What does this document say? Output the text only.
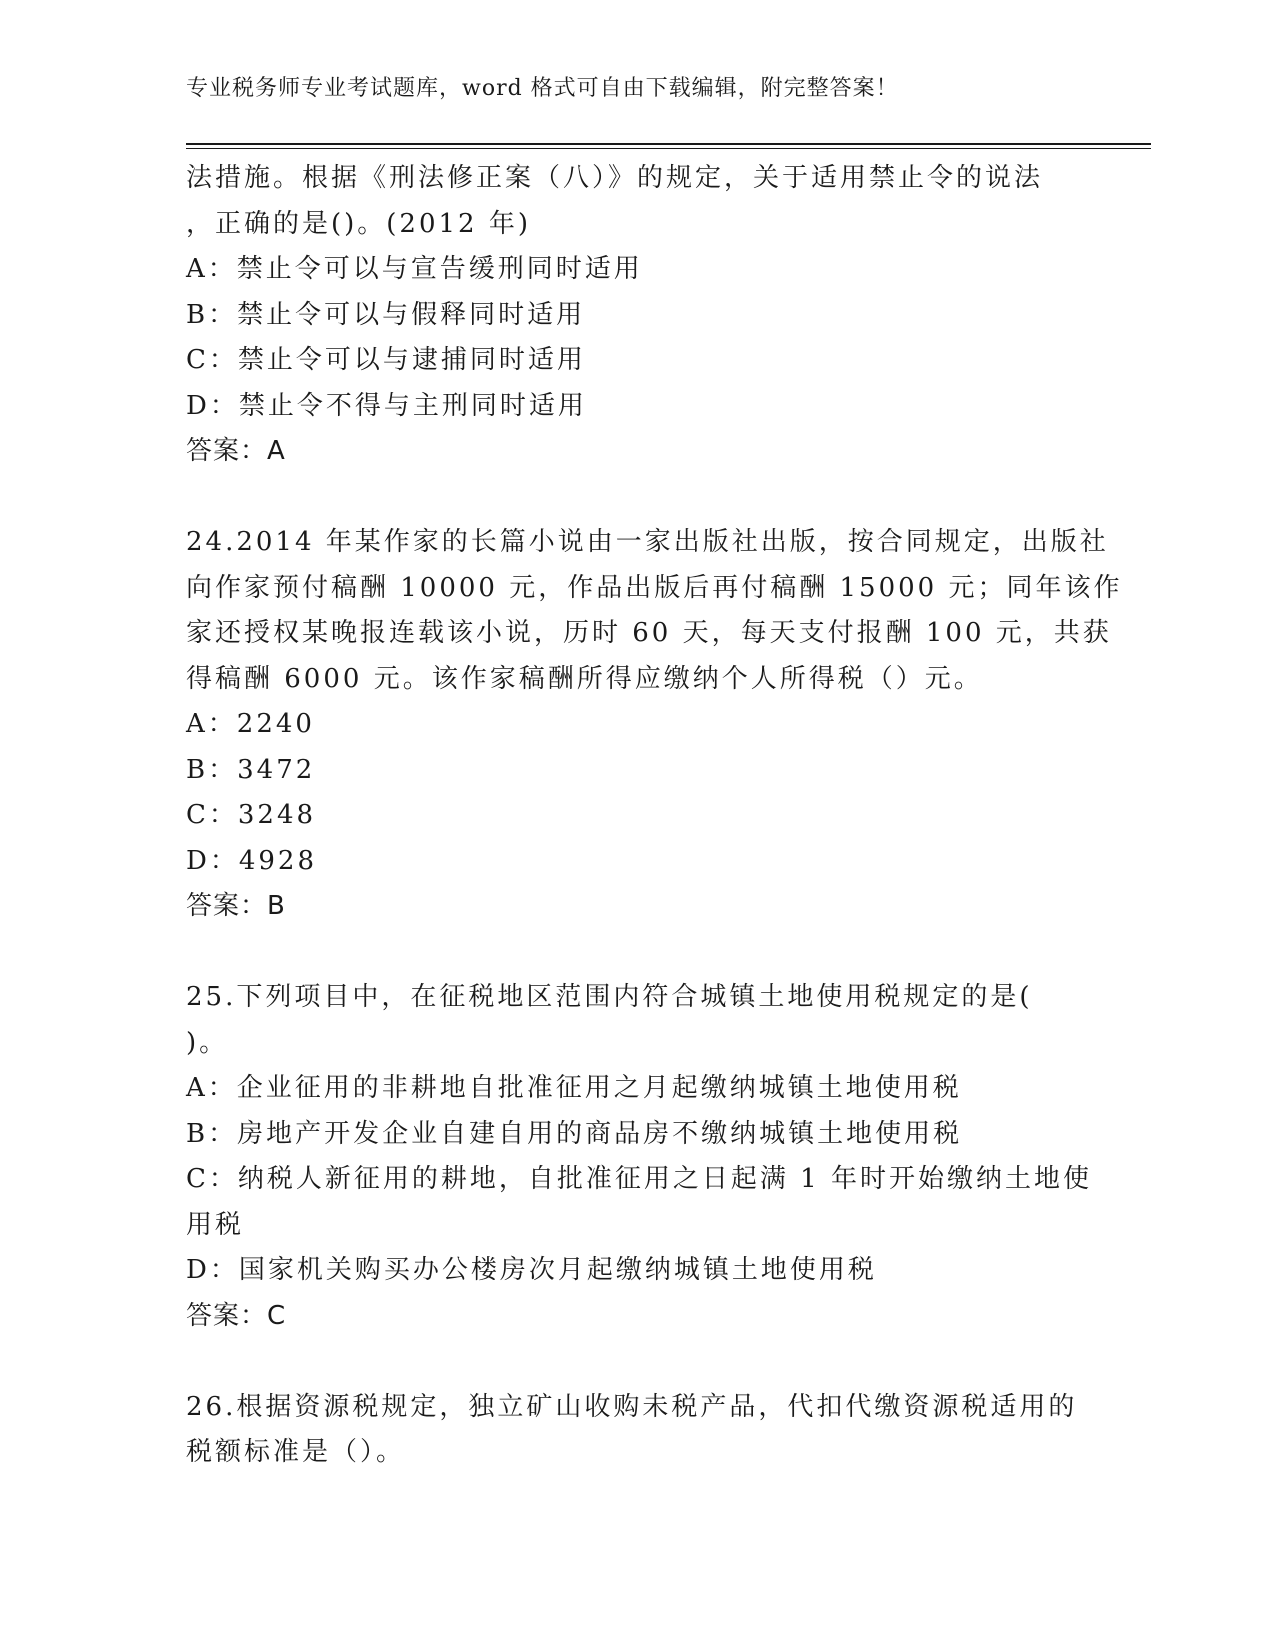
专业税务师专业考试题库，word 格式可自由下载编辑，附完整答案！
法措施。根据《刑法修正案（八）》的规定，关于适用禁止令的说法
，正确的是()。(2012 年)
A：禁止令可以与宣告缓刑同时适用
B：禁止令可以与假释同时适用
C：禁止令可以与逮捕同时适用
D：禁止令不得与主刑同时适用
答案：A
24.2014 年某作家的长篇小说由一家出版社出版，按合同规定，出版社
向作家预付稿酬 10000 元，作品出版后再付稿酬 15000 元；同年该作
家还授权某晚报连载该小说，历时 60 天，每天支付报酬 100 元，共获
得稿酬 6000 元。该作家稿酬所得应缴纳个人所得税（）元。
A：2240
B：3472
C：3248
D：4928
答案：B
25.下列项目中，在征税地区范围内符合城镇土地使用税规定的是(
)。
A：企业征用的非耕地自批准征用之月起缴纳城镇土地使用税
B：房地产开发企业自建自用的商品房不缴纳城镇土地使用税
C：纳税人新征用的耕地，自批准征用之日起满 1 年时开始缴纳土地使
用税
D：国家机关购买办公楼房次月起缴纳城镇土地使用税
答案：C
26.根据资源税规定，独立矿山收购未税产品，代扣代缴资源税适用的
税额标准是（）。
